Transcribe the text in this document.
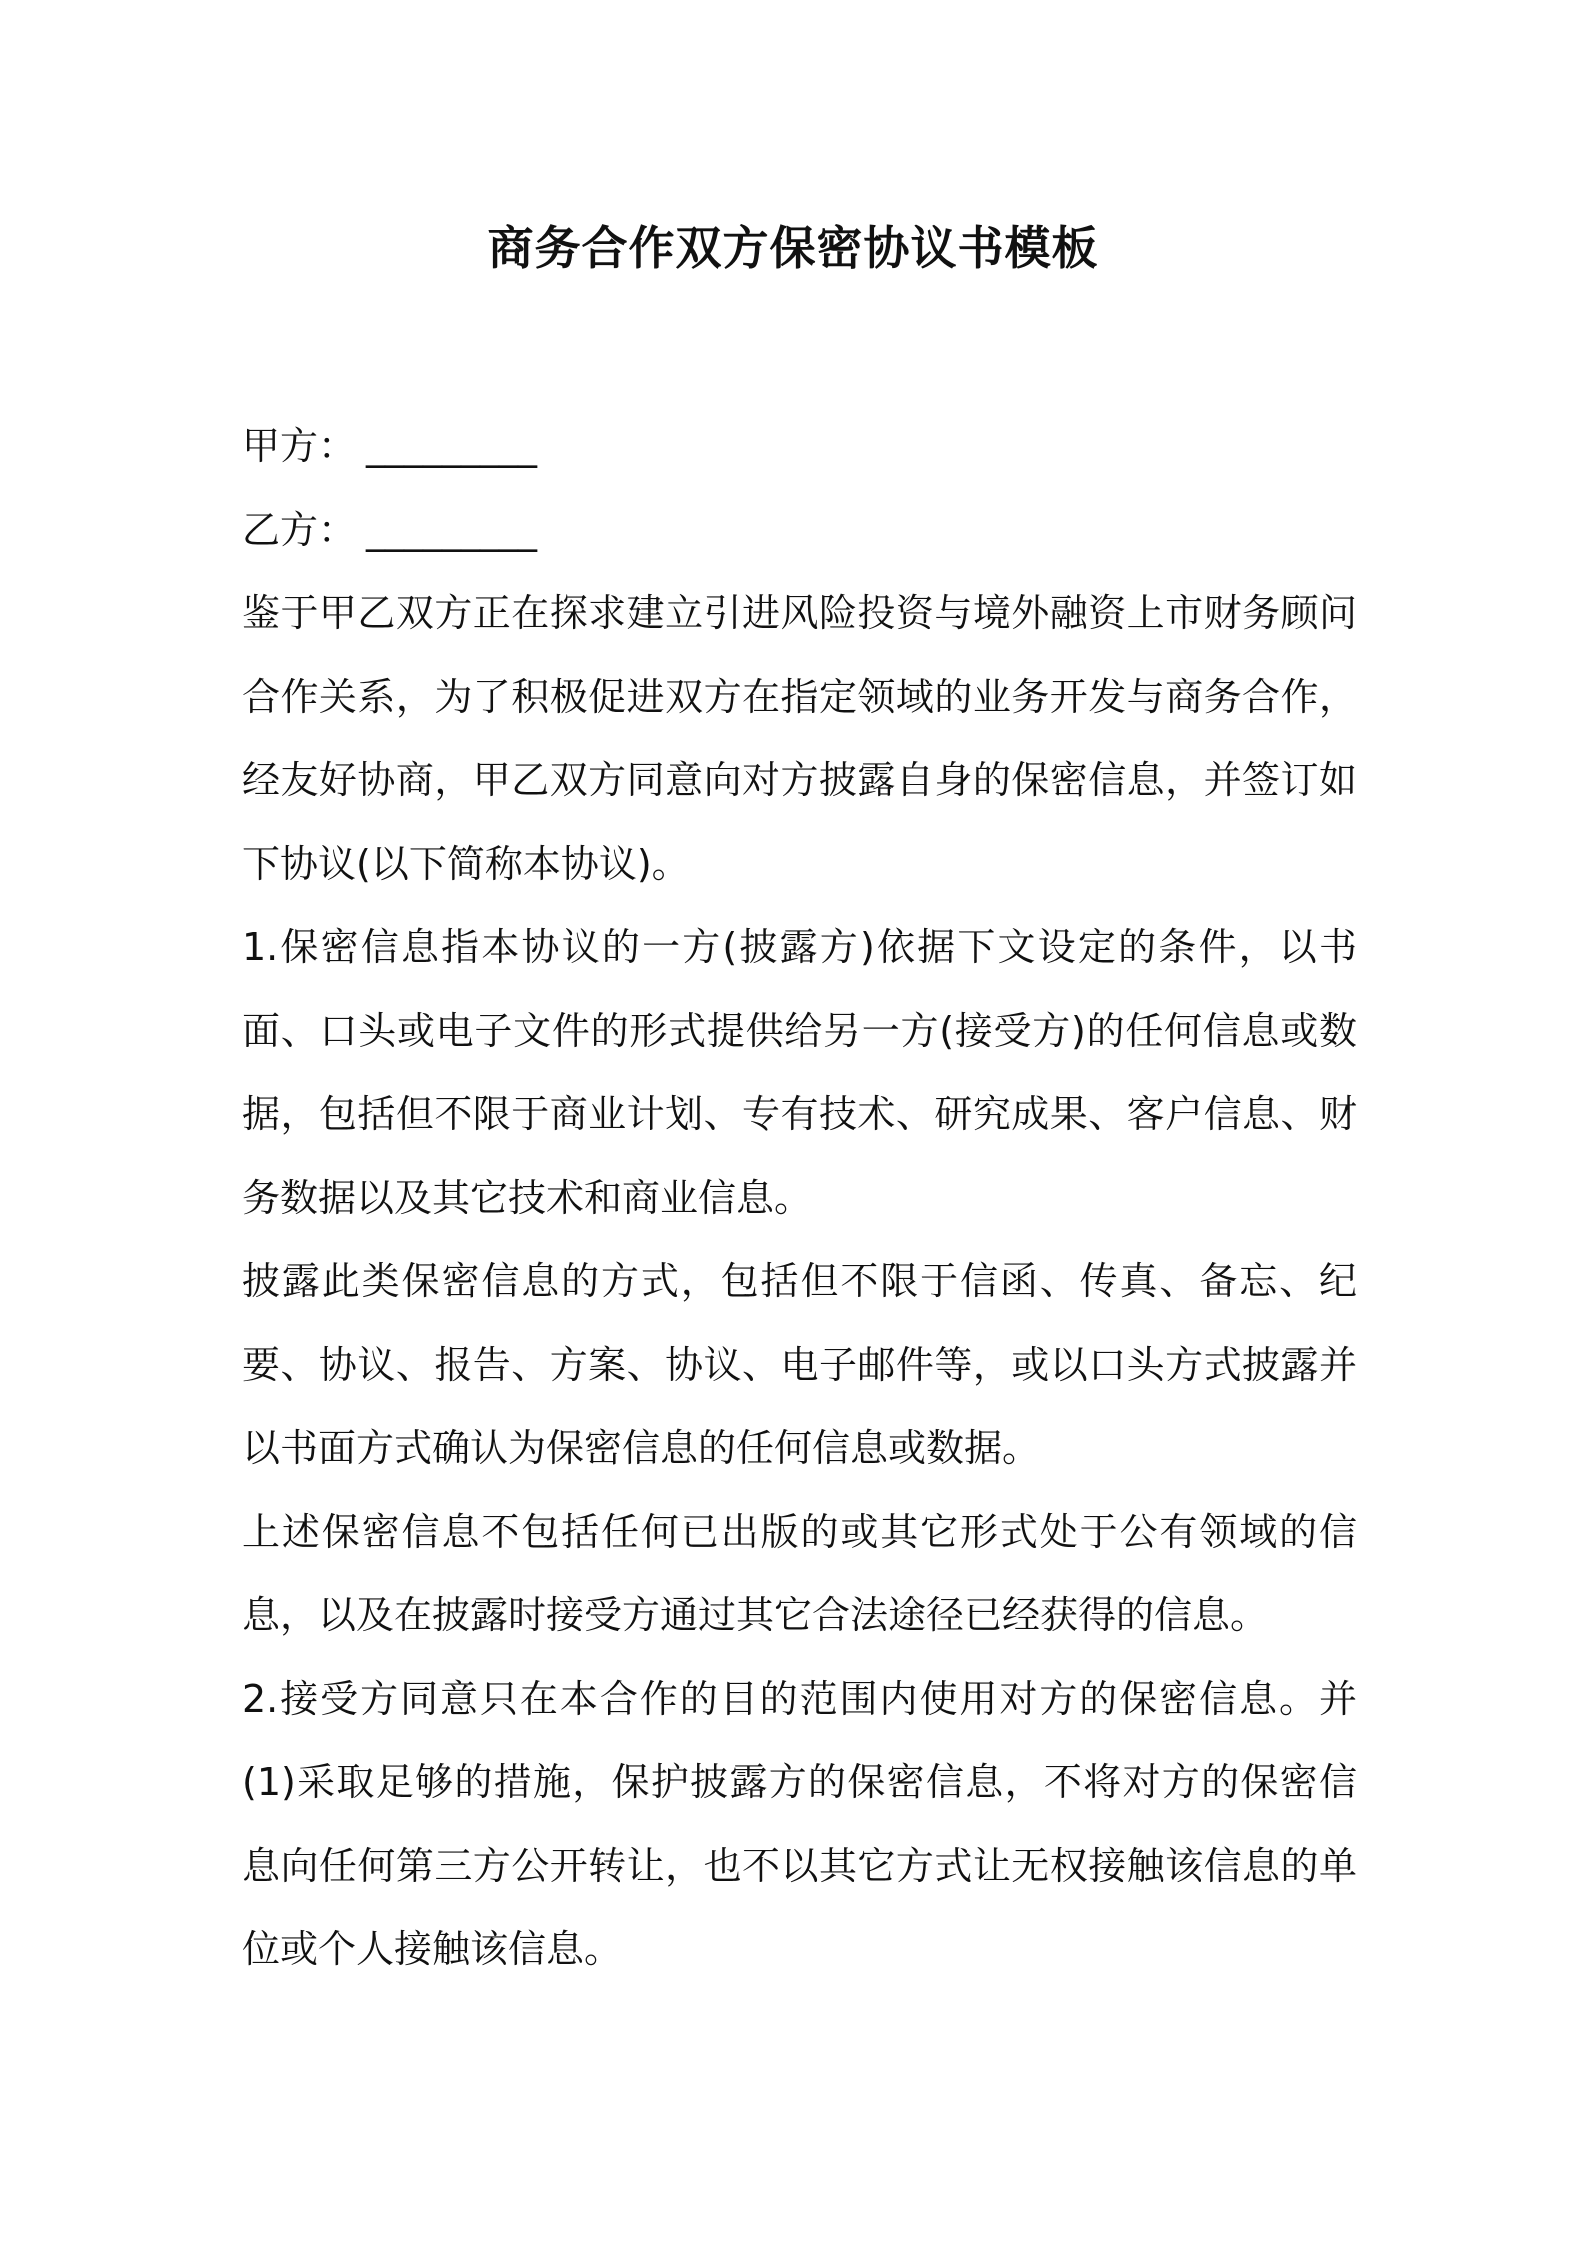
商务合作双方保密协议书模板
甲方： _________
乙方： _________

鉴于甲乙双方正在探求建立引进风险投资与境外融资上市财务顾问合作关系，为了积极促进双方在指定领域的业务开发与商务合作，经友好协商，甲乙双方同意向对方披露自身的保密信息，并签订如下协议(以下简称本协议)。

1.保密信息指本协议的一方(披露方)依据下文设定的条件，以书面、口头或电子文件的形式提供给另一方(接受方)的任何信息或数据，包括但不限于商业计划、专有技术、研究成果、客户信息、财务数据以及其它技术和商业信息。

披露此类保密信息的方式，包括但不限于信函、传真、备忘、纪要、协议、报告、方案、协议、电子邮件等，或以口头方式披露并以书面方式确认为保密信息的任何信息或数据。

上述保密信息不包括任何已出版的或其它形式处于公有领域的信息，以及在披露时接受方通过其它合法途径已经获得的信息。

2.接受方同意只在本合作的目的范围内使用对方的保密信息。并(1)采取足够的措施，保护披露方的保密信息，不将对方的保密信息向任何第三方公开转让，也不以其它方式让无权接触该信息的单位或个人接触该信息。
